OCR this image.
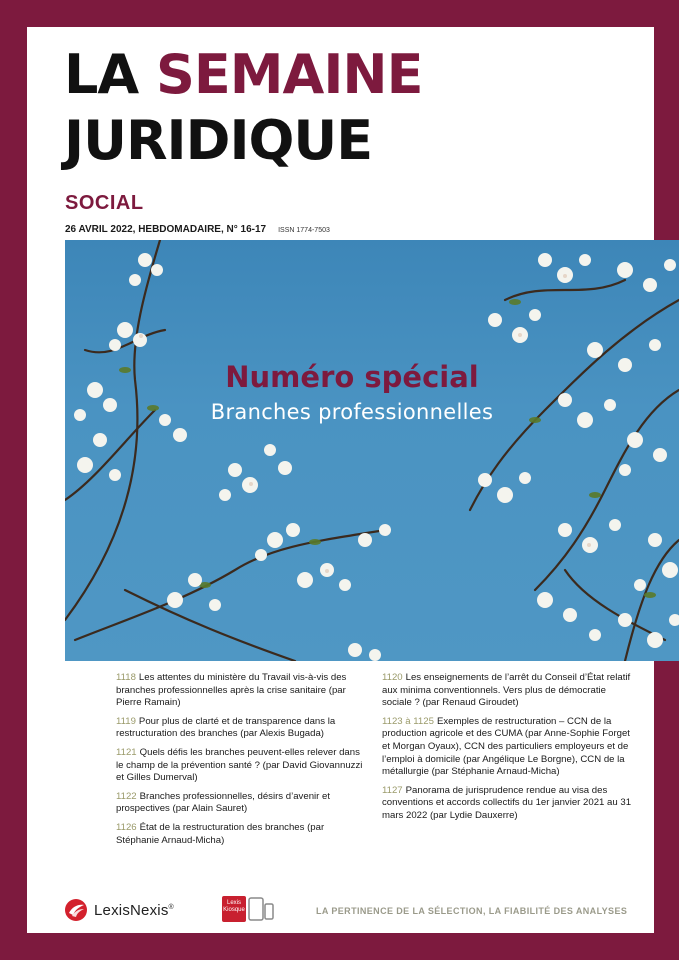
LA SEMAINE
JURIDIQUE
SOCIAL
26 AVRIL 2022, HEBDOMADAIRE, N° 16-17 ISSN 1774-7503
Numéro spécial
Branches professionnelles
1118 Les attentes du ministère du Travail vis-à-vis des branches professionnelles après la crise sanitaire (par Pierre Ramain)
1119 Pour plus de clarté et de transparence dans la restructuration des branches (par Alexis Bugada)
1121 Quels défis les branches peuvent-elles relever dans le champ de la prévention santé ? (par David Giovannuzzi et Gilles Dumerval)
1122 Branches professionnelles, désirs d’avenir et prospectives (par Alain Sauret)
1126 État de la restructuration des branches (par Stéphanie Arnaud-Micha)
1120 Les enseignements de l’arrêt du Conseil d’État relatif aux minima conventionnels. Vers plus de démocratie sociale ? (par Renaud Giroudet)
1123 à 1125 Exemples de restructuration – CCN de la production agricole et des CUMA (par Anne-Sophie Forget et Morgan Oyaux), CCN des particuliers employeurs et de l’emploi à domicile (par Angélique Le Borgne), CCN de la métallurgie (par Stéphanie Arnaud-Micha)
1127 Panorama de jurisprudence rendue au visa des conventions et accords collectifs du 1er janvier 2021 au 31 mars 2022 (par Lydie Dauxerre)
LexisNexis®
Lexis
Kiosque	LA PERTINENCE DE LA SÉLECTION, LA FIABILITÉ DES ANALYSES
